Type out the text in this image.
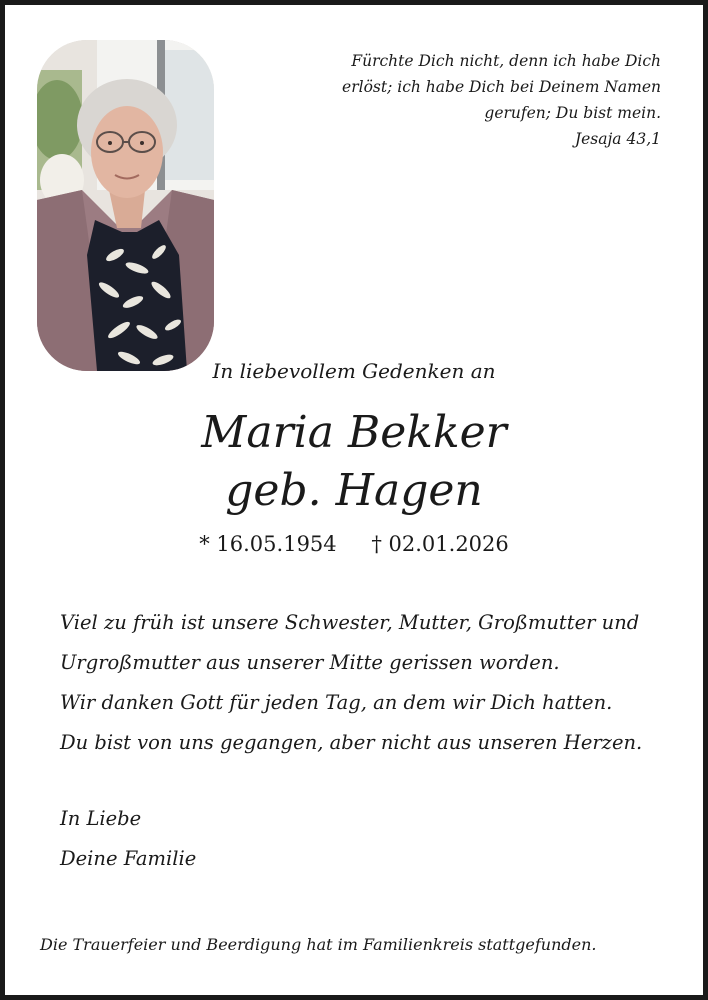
Fürchte Dich nicht, denn ich habe Dich
erlöst; ich habe Dich bei Deinem Namen
gerufen; Du bist mein.
Jesaja 43,1
In liebevollem Gedenken an
Maria Bekker
geb. Hagen
* 16.05.1954 † 02.01.2026
Viel zu früh ist unsere Schwester, Mutter, Großmutter und
Urgroßmutter aus unserer Mitte gerissen worden.
Wir danken Gott für jeden Tag, an dem wir Dich hatten.
Du bist von uns gegangen, aber nicht aus unseren Herzen.
In Liebe
Deine Familie
Die Trauerfeier und Beerdigung hat im Familienkreis stattgefunden.
